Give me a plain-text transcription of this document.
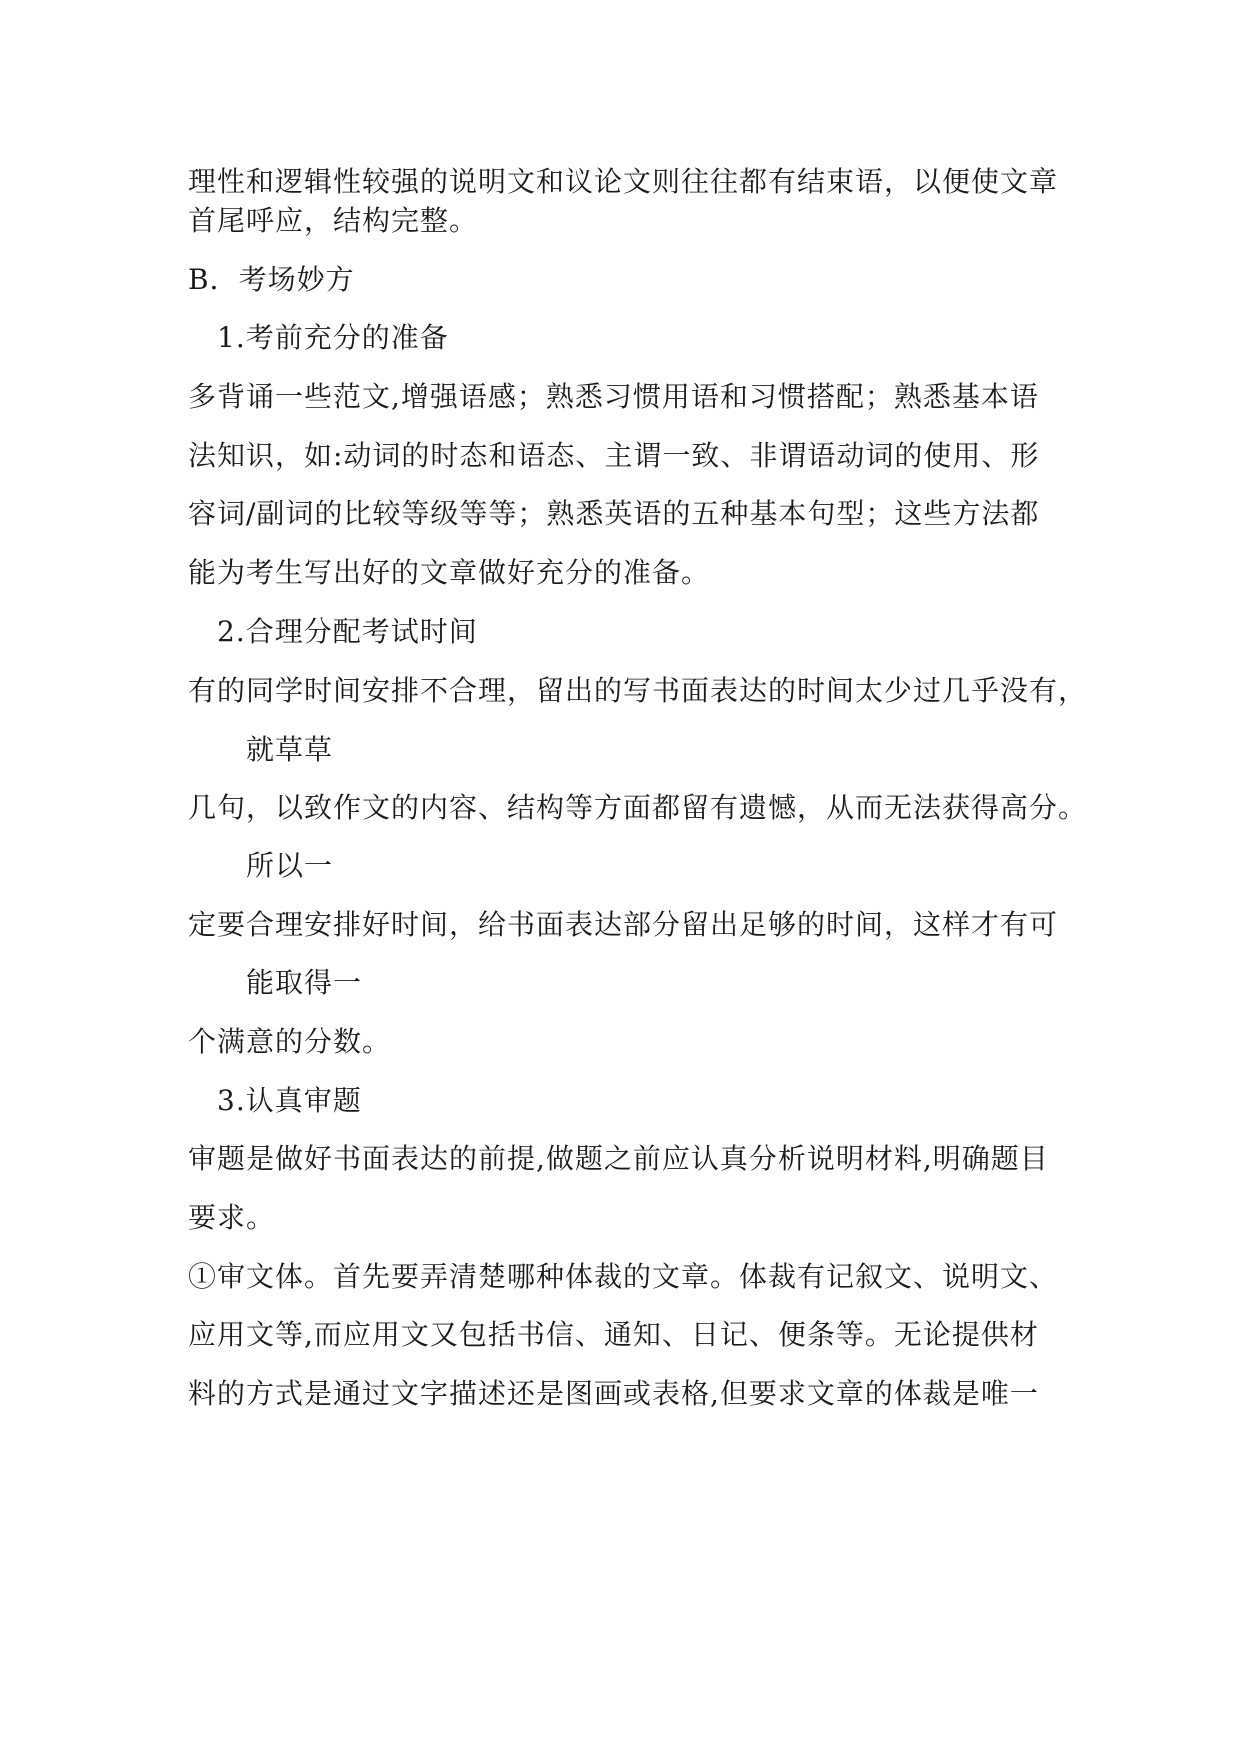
理性和逻辑性较强的说明文和议论文则往往都有结束语，以便使文章
首尾呼应，结构完整。
B．考场妙方
1.考前充分的准备
多背诵一些范文,增强语感；熟悉习惯用语和习惯搭配；熟悉基本语
法知识，如:动词的时态和语态、主谓一致、非谓语动词的使用、形
容词/副词的比较等级等等；熟悉英语的五种基本句型；这些方法都
能为考生写出好的文章做好充分的准备。
2.合理分配考试时间
有的同学时间安排不合理，留出的写书面表达的时间太少过几乎没有，
就草草
几句，以致作文的内容、结构等方面都留有遗憾，从而无法获得高分。
所以一
定要合理安排好时间，给书面表达部分留出足够的时间，这样才有可
能取得一
个满意的分数。
3.认真审题
审题是做好书面表达的前提,做题之前应认真分析说明材料,明确题目
要求。
①审文体。首先要弄清楚哪种体裁的文章。体裁有记叙文、说明文、
应用文等,而应用文又包括书信、通知、日记、便条等。无论提供材
料的方式是通过文字描述还是图画或表格,但要求文章的体裁是唯一
